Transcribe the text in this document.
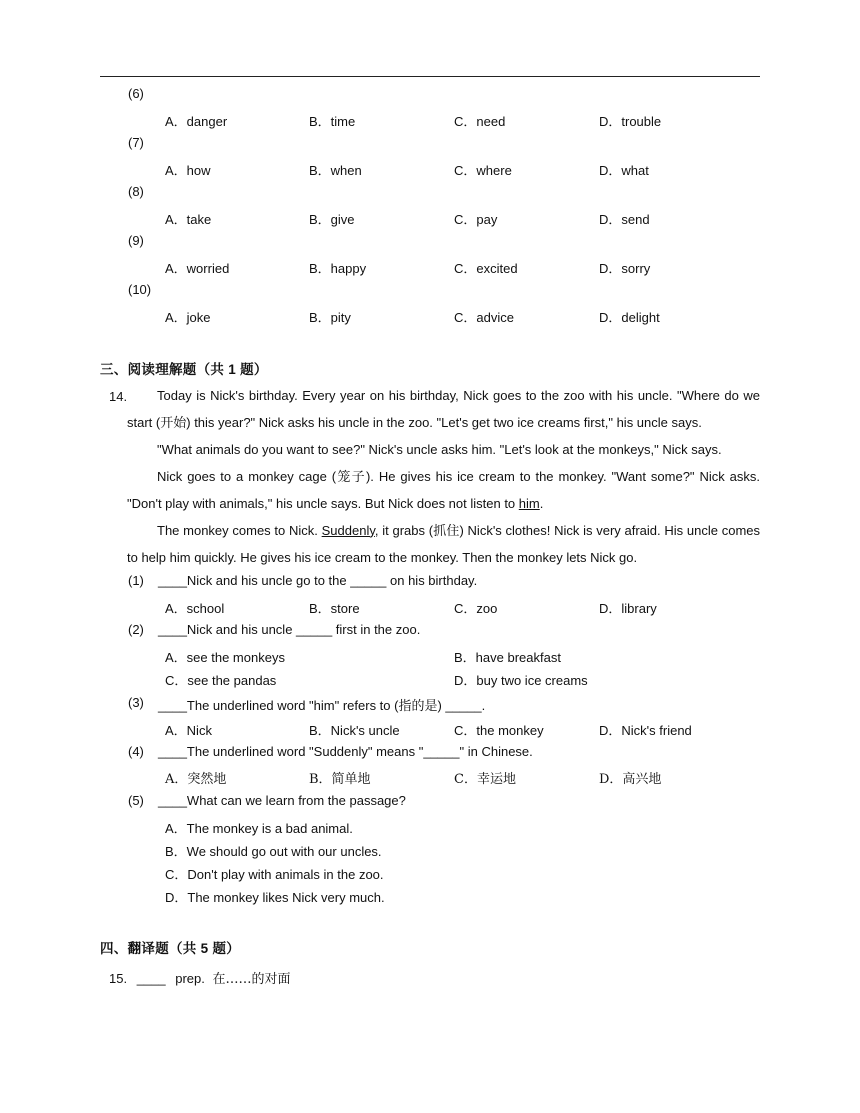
(6)
A．danger	B．time	C．need	D．trouble
(7)
A．how	B．when	C．where	D．what
(8)
A．take	B．give	C．pay	D．send
(9)
A．worried	B．happy	C．excited	D．sorry
(10)
A．joke	B．pity	C．advice	D．delight
三、阅读理解题（共 1 题）
14.	Today is Nick's birthday. Every year on his birthday, Nick goes to the zoo with his uncle. "Where do we start (开始) this year?" Nick asks his uncle in the zoo. "Let's get two ice creams first," his uncle says.

"What animals do you want to see?" Nick's uncle asks him. "Let's look at the monkeys," Nick says.

Nick goes to a monkey cage (笼子). He gives his ice cream to the monkey. "Want some?" Nick asks. "Don't play with animals," his uncle says. But Nick does not listen to him.

The monkey comes to Nick. Suddenly, it grabs (抓住) Nick's clothes! Nick is very afraid. His uncle comes to help him quickly. He gives his ice cream to the monkey. Then the monkey lets Nick go.

(1) ____Nick and his uncle go to the _____ on his birthday.
A．school	B．store	C．zoo	D．library
(2) ____Nick and his uncle _____ first in the zoo.
A．see the monkeys	B．have breakfast
C．see the pandas	D．buy two ice creams
(3) ____The underlined word "him" refers to (指的是) _____.
A．Nick	B．Nick's uncle	C．the monkey	D．Nick's friend
(4) ____The underlined word "Suddenly" means "_____" in Chinese.
A．突然地	B．简单地	C．幸运地	D．高兴地
(5) ____What can we learn from the passage?
A．The monkey is a bad animal.
B．We should go out with our uncles.
C．Don't play with animals in the zoo.
D．The monkey likes Nick very much.
四、翻译题（共 5 题）
15. ____ prep. 在……的对面
